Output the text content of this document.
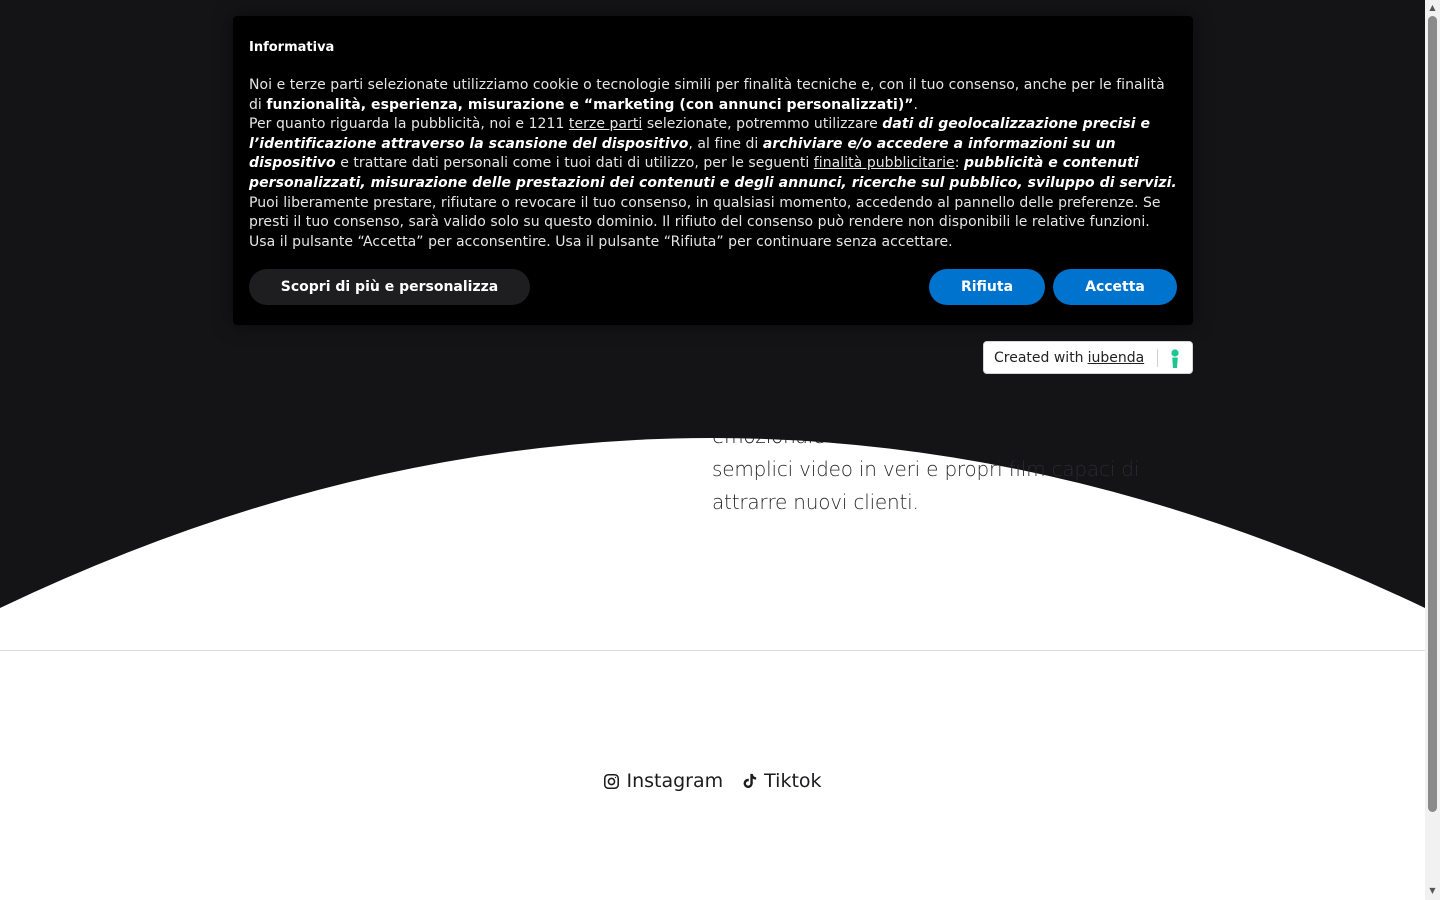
emozionale ce ...
semplici video in veri e propri film capaci di
attrarre nuovi clienti.
Instagram Tiktok
Informativa

Noi e terze parti selezionate utilizziamo cookie o tecnologie simili per finalità tecniche e, con il tuo consenso, anche per le finalità di funzionalità, esperienza, misurazione e “marketing (con annunci personalizzati)”.

Per quanto riguarda la pubblicità, noi e 1211 terze parti selezionate, potremmo utilizzare dati di geolocalizzazione precisi e l’identificazione attraverso la scansione del dispositivo, al fine di archiviare e/o accedere a informazioni su un dispositivo e trattare dati personali come i tuoi dati di utilizzo, per le seguenti finalità pubblicitarie: pubblicità e contenuti personalizzati, misurazione delle prestazioni dei contenuti e degli annunci, ricerche sul pubblico, sviluppo di servizi.

Puoi liberamente prestare, rifiutare o revocare il tuo consenso, in qualsiasi momento, accedendo al pannello delle preferenze. Se presti il tuo consenso, sarà valido solo su questo dominio. Il rifiuto del consenso può rendere non disponibili le relative funzioni.

Usa il pulsante “Accetta” per acconsentire. Usa il pulsante “Rifiuta” per continuare senza accettare.

Scopri di più e personalizza	Rifiuta	Accetta
Created with iubenda
▲
▼
